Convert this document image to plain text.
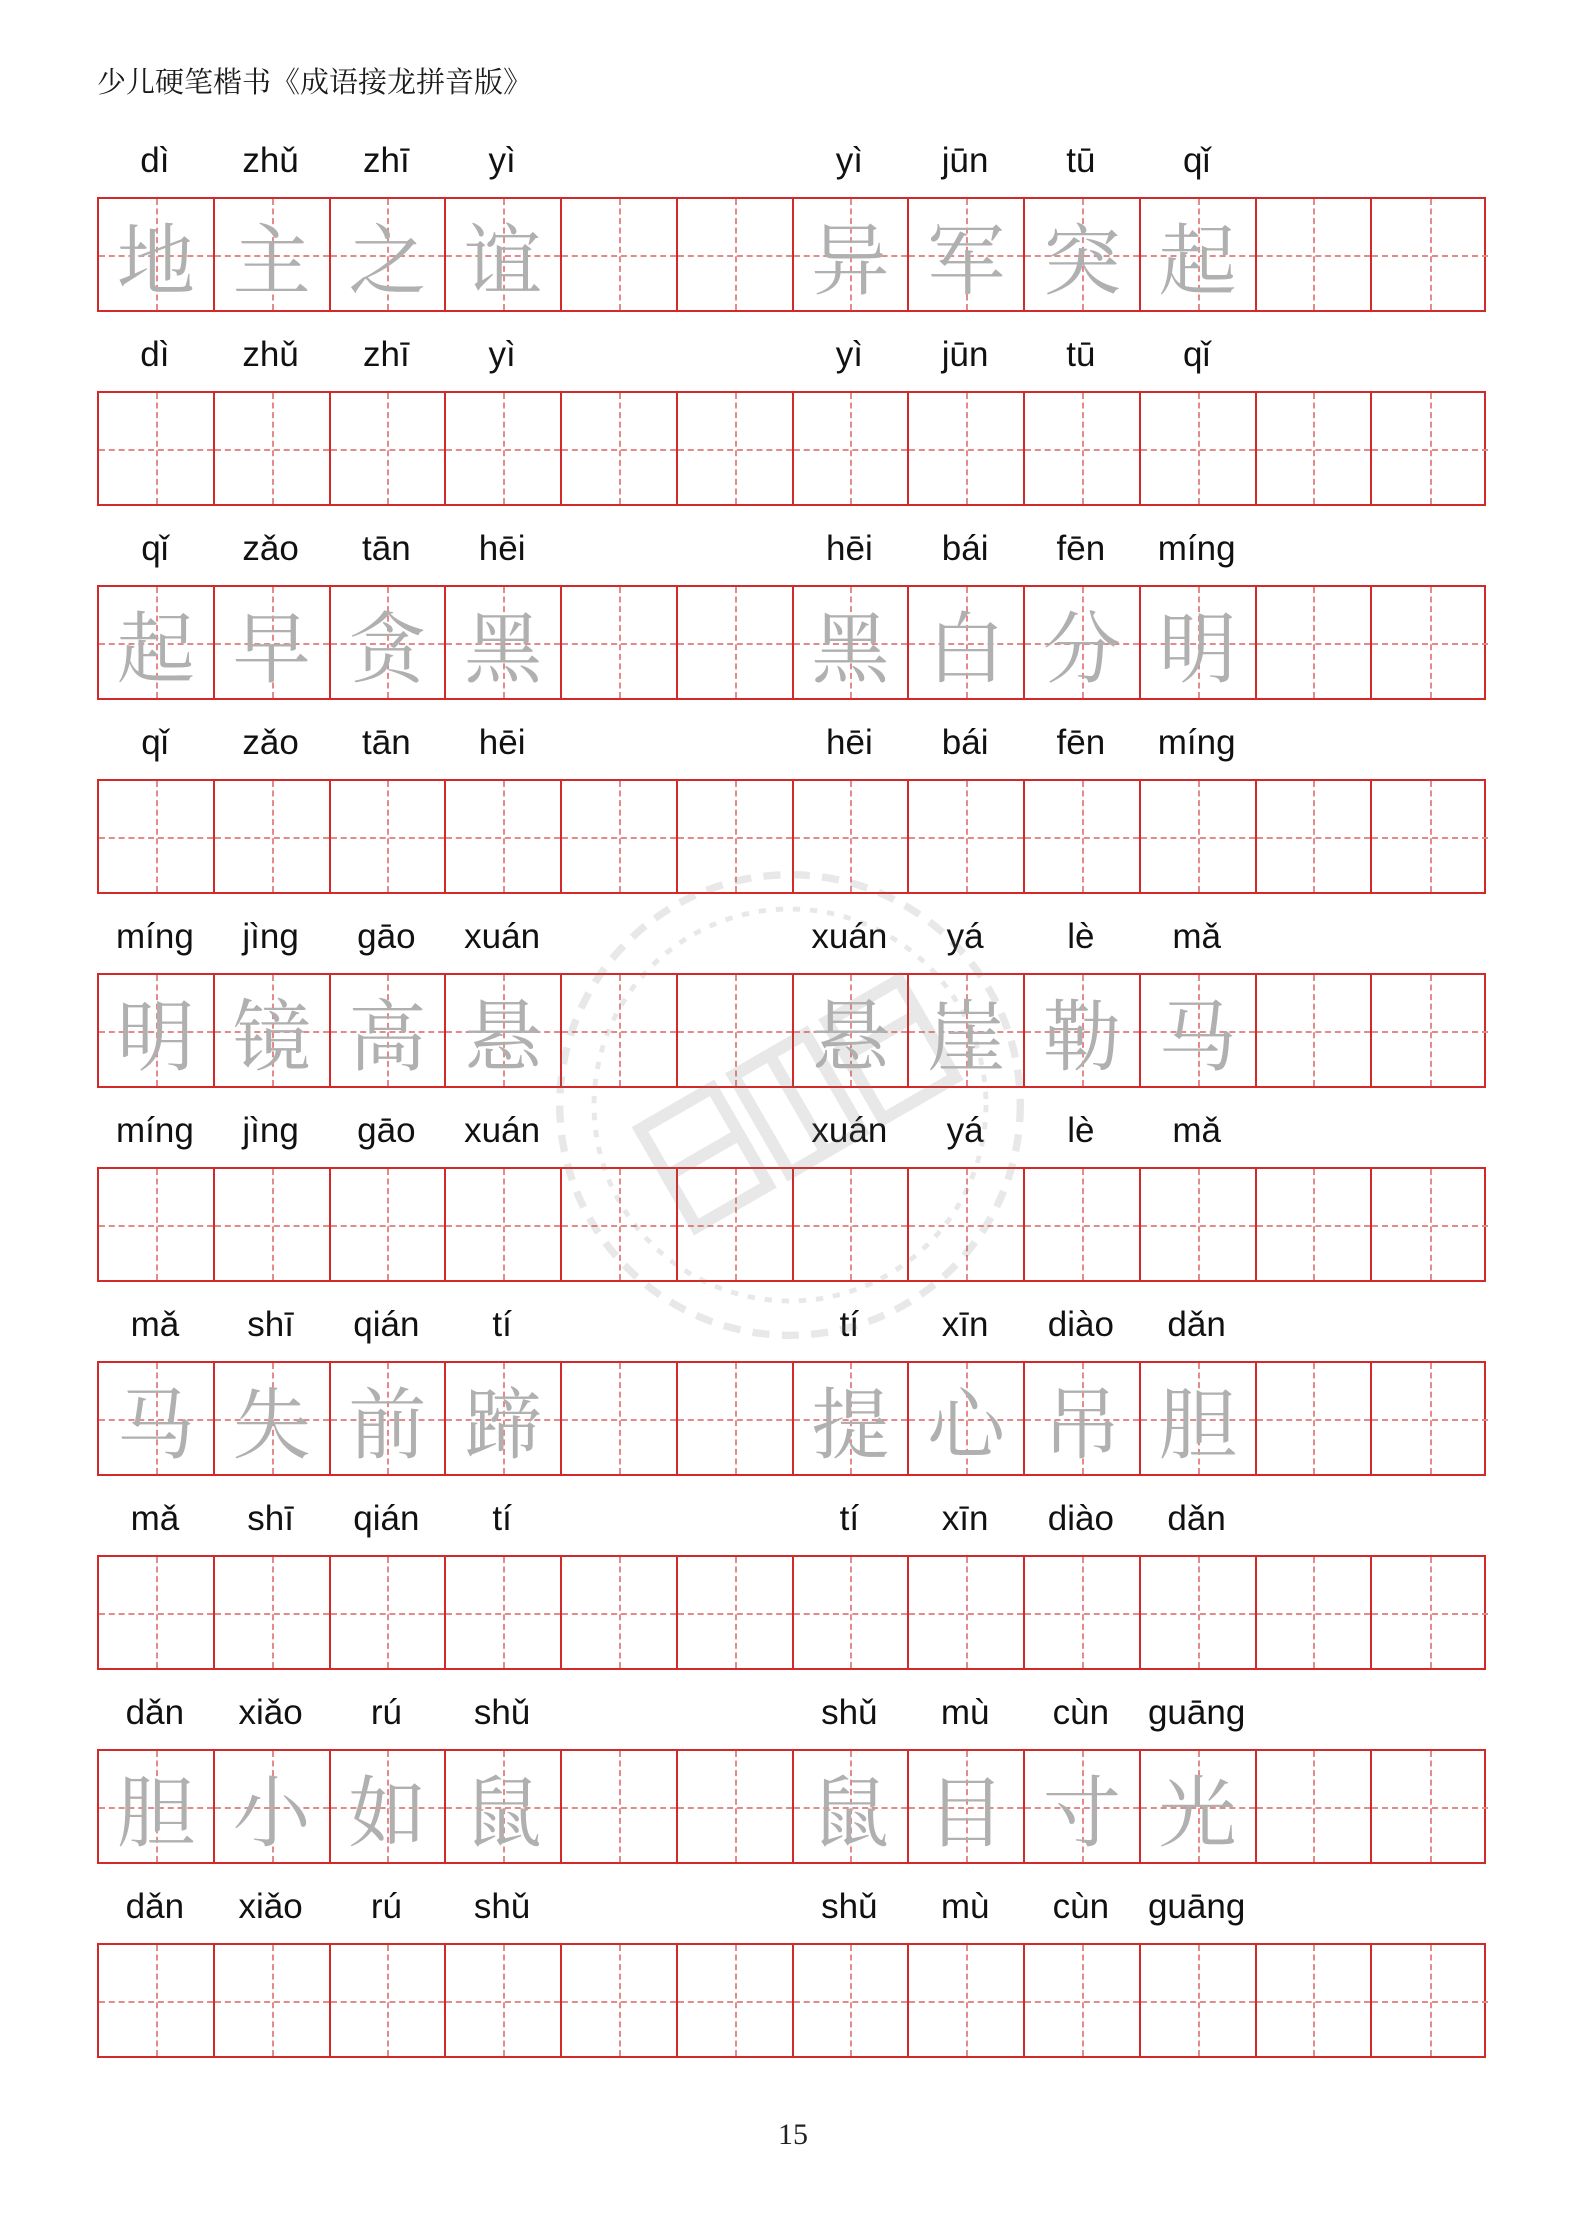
少儿硬笔楷书《成语接龙拼音版》
dì	zhǔ	zhī	yì	yì	jūn	tū	qǐ
地 主 之 谊	异 军 突 起
dì	zhǔ	zhī	yì	yì	jūn	tū	qǐ
qǐ	zǎo	tān	hēi	hēi	bái	fēn	míng
起 早 贪 黑	黑 白 分 明
qǐ	zǎo	tān	hēi	hēi	bái	fēn	míng
míng	jìng	gāo	xuán	xuán	yá	lè	mǎ
明 镜 高 悬	悬 崖 勒 马
míng	jìng	gāo	xuán	xuán	yá	lè	mǎ
mǎ	shī	qián	tí	tí	xīn	diào	dǎn
马 失 前 蹄	提 心 吊 胆
mǎ	shī	qián	tí	tí	xīn	diào	dǎn
dǎn	xiǎo	rú	shǔ	shǔ	mù	cùn	guāng
胆 小 如 鼠	鼠 目 寸 光
dǎn	xiǎo	rú	shǔ	shǔ	mù	cùn	guāng
15
